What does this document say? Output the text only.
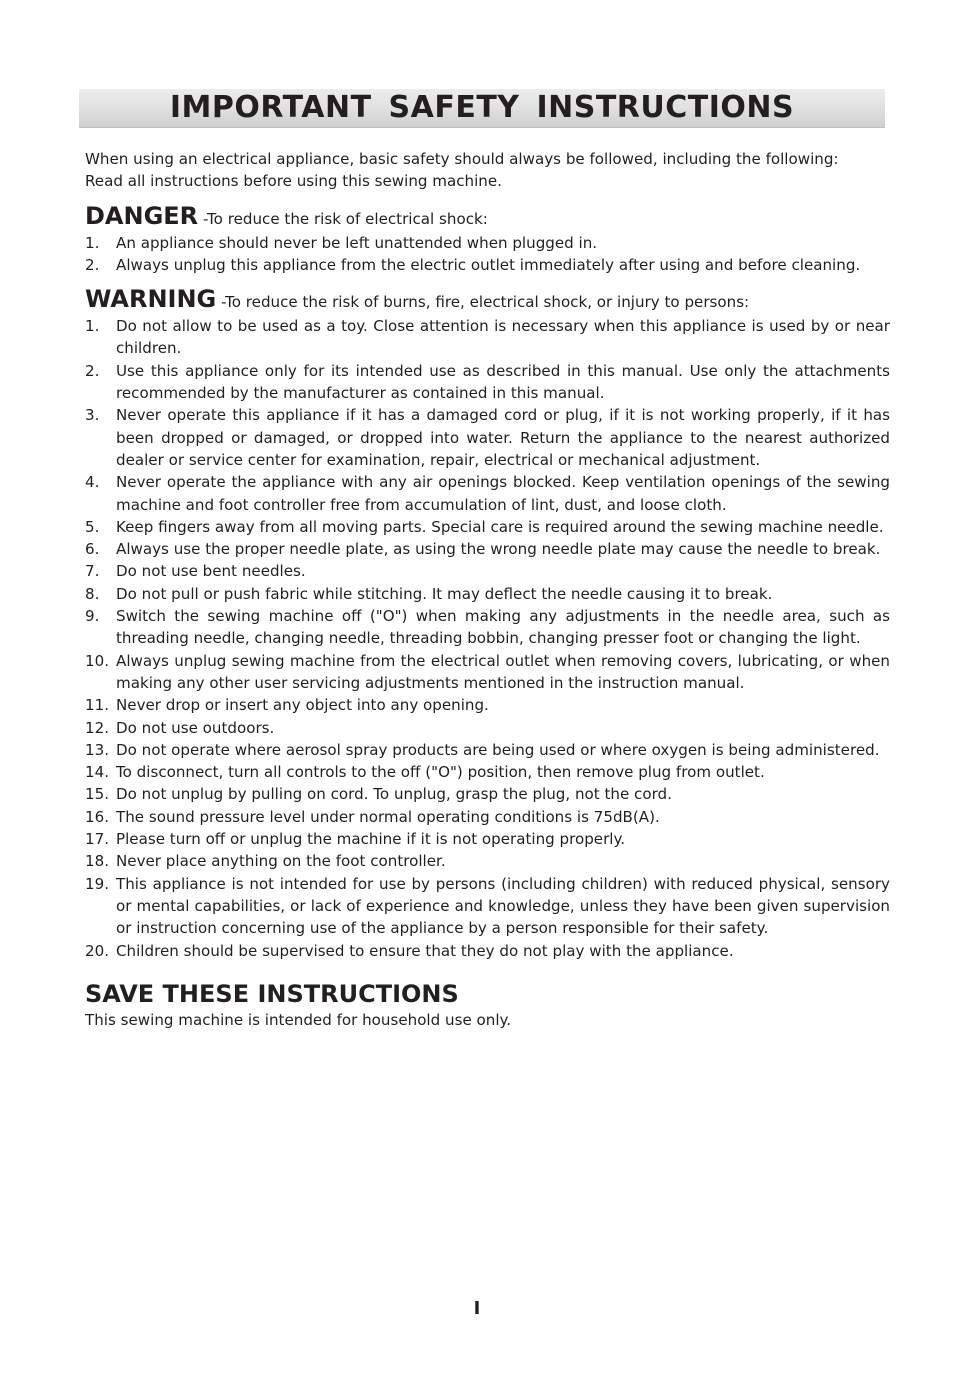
IMPORTANT SAFETY INSTRUCTIONS

When using an electrical appliance, basic safety should always be followed, including the following:

Read all instructions before using this sewing machine.

DANGER -To reduce the risk of electrical shock:
1. An appliance should never be left unattended when plugged in.
2. Always unplug this appliance from the electric outlet immediately after using and before cleaning.
WARNING -To reduce the risk of burns, fire, electrical shock, or injury to persons:
1. Do not allow to be used as a toy. Close attention is necessary when this appliance is used by or near children.
2. Use this appliance only for its intended use as described in this manual. Use only the attachments recommended by the manufacturer as contained in this manual.
3. Never operate this appliance if it has a damaged cord or plug, if it is not working properly, if it has been dropped or damaged, or dropped into water. Return the appliance to the nearest authorized dealer or service center for examination, repair, electrical or mechanical adjustment.
4. Never operate the appliance with any air openings blocked. Keep ventilation openings of the sewing machine and foot controller free from accumulation of lint, dust, and loose cloth.
5. Keep fingers away from all moving parts. Special care is required around the sewing machine needle.
6. Always use the proper needle plate, as using the wrong needle plate may cause the needle to break.
7. Do not use bent needles.
8. Do not pull or push fabric while stitching. It may deflect the needle causing it to break.
9. Switch the sewing machine off ("O") when making any adjustments in the needle area, such as threading needle, changing needle, threading bobbin, changing presser foot or changing the light.
10. Always unplug sewing machine from the electrical outlet when removing covers, lubricating, or when making any other user servicing adjustments mentioned in the instruction manual.
11. Never drop or insert any object into any opening.
12. Do not use outdoors.
13. Do not operate where aerosol spray products are being used or where oxygen is being administered.
14. To disconnect, turn all controls to the off ("O") position, then remove plug from outlet.
15. Do not unplug by pulling on cord. To unplug, grasp the plug, not the cord.
16. The sound pressure level under normal operating conditions is 75dB(A).
17. Please turn off or unplug the machine if it is not operating properly.
18. Never place anything on the foot controller.
19. This appliance is not intended for use by persons (including children) with reduced physical, sensory or mental capabilities, or lack of experience and knowledge, unless they have been given supervision or instruction concerning use of the appliance by a person responsible for their safety.
20. Children should be supervised to ensure that they do not play with the appliance.
SAVE THESE INSTRUCTIONS

This sewing machine is intended for household use only.

I
